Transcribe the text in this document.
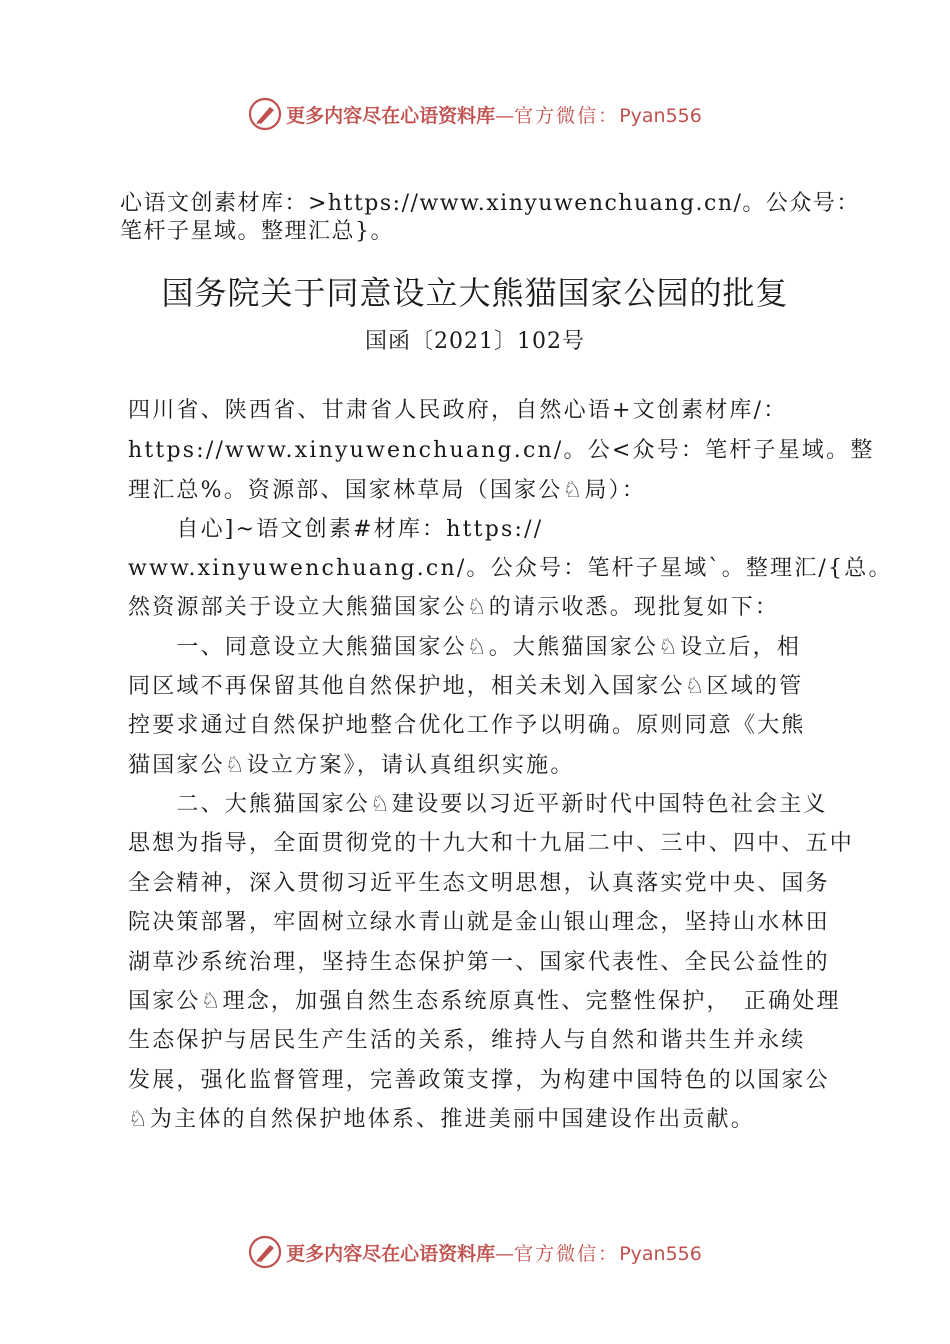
更多内容尽在心语资料库—官方微信：Pyan556
心语文创素材库：>https://www.xinyuwenchuang.cn/。公众号：
笔杆子星域。整理汇总}。
国务院关于同意设立大熊猫国家公园的批复
国函〔2021〕102号
四川省、陕西省、甘肃省人民政府，自然心语+文创素材库/：
https://www.xinyuwenchuang.cn/。公<众号：笔杆子星域。整
理汇总%。资源部、国家林草局（国家公♘局）：
　　自心]~语文创素#材库：https://
www.xinyuwenchuang.cn/。公众号：笔杆子星域`。整理汇/{总。
然资源部关于设立大熊猫国家公♘的请示收悉。现批复如下：
　　一、同意设立大熊猫国家公♘。大熊猫国家公♘设立后，相
同区域不再保留其他自然保护地，相关未划入国家公♘区域的管
控要求通过自然保护地整合优化工作予以明确。原则同意《大熊
猫国家公♘设立方案》，请认真组织实施。
　　二、大熊猫国家公♘建设要以习近平新时代中国特色社会主义
思想为指导，全面贯彻党的十九大和十九届二中、三中、四中、五中
全会精神，深入贯彻习近平生态文明思想，认真落实党中央、国务
院决策部署，牢固树立绿水青山就是金山银山理念，坚持山水林田
湖草沙系统治理，坚持生态保护第一、国家代表性、全民公益性的
国家公♘理念，加强自然生态系统原真性、完整性保护，　正确处理
生态保护与居民生产生活的关系，维持人与自然和谐共生并永续
发展，强化监督管理，完善政策支撑，为构建中国特色的以国家公
♘为主体的自然保护地体系、推进美丽中国建设作出贡献。
更多内容尽在心语资料库—官方微信：Pyan556
